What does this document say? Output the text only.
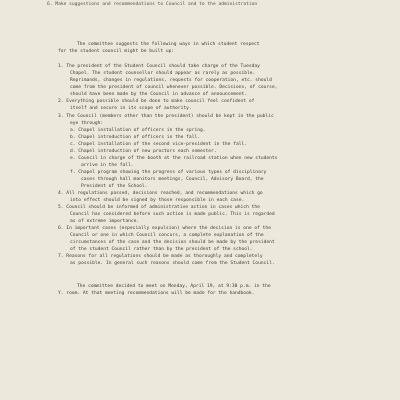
6. Make suggestions and recommendations to Council and to the administration
The committee suggests the following ways in which student respect
for the student council might be built up:
1. The president of the Student Council should take charge of the Tuesday
Chapel. The student counsellor should appear as rarely as possible.
Reprimands, changes in regulations, requests for cooperation, etc. should
come from the president of council whenever possible. Decisions, of course,
should have been made by the Council in advance of announcement.
2. Everything possible should be done to make council feel confident of
itself and secure in its scope of authority.
3. The Council (members other than the president) should be kept in the public
eye through:
a. Chapel installation of officers in the spring.
b. Chapel introduction of officers in the fall.
c. Chapel installation of the second vice-president in the fall.
d. Chapel introduction of new proctors each semester.
e. Council in charge of the booth at the railroad station when new students
arrive in the fall.
f. Chapel program showing the progress of various types of disciplinary
cases through hall monitors meetings, Council, Advisory Board, the
President of the School.
4. All regulations passed, decisions reached, and recommendations which go
into effect should be signed by those responsible in each case.
5. Council should be informed of administrative action in cases which the
Council has considered before such action is made public. This is regarded
as of extreme importance.
6. In important cases (especially expulsion) where the decision is one of the
Council or one in which Council concurs, a complete explanation of the
circumstances of the case and the decision should be made by the president
of the student Council rather than by the president of the school.
7. Reasons for all regulations should be made as thoroughly and completely
as possible. In general such reasons should come from the Student Council.
The committee decided to meet on Monday, April 19, at 9:30 p.m. in the
Y. room. At that meeting recommendations will be made for the handbook.
